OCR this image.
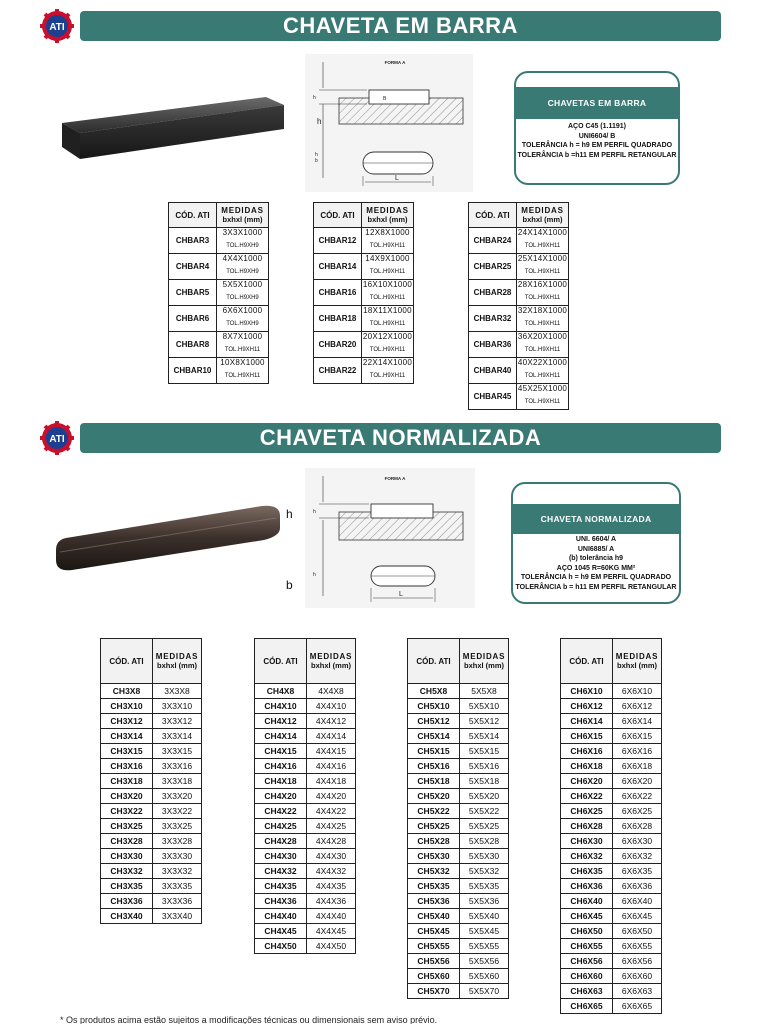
ATI	CHAVETA EM BARRA
FORMA A
B
h
h
b
h
L
CHAVETAS EM BARRA
AÇO C45 (1.1191)
UNI6604/ B
TOLERÂNCIA h = h9 EM PERFIL QUADRADO
TOLERÂNCIA b =h11 EM PERFIL RETANGULAR
CÓD. ATI	MEDIDAS
bxhxl (mm)

CHBAR3	3X3X1000
TOL.H9XH9

CHBAR4	4X4X1000
TOL.H9XH9

CHBAR5	5X5X1000
TOL.H9XH9

CHBAR6	6X6X1000
TOL.H9XH9

CHBAR8	8X7X1000
TOL.H9XH11

CHBAR10	10X8X1000
TOL.H9XH11
CÓD. ATI	MEDIDAS
bxhxl (mm)

CHBAR12	12X8X1000
TOL.H9XH11

CHBAR14	14X9X1000
TOL.H9XH11

CHBAR16	16X10X1000
TOL.H9XH11

CHBAR18	18X11X1000
TOL.H9XH11

CHBAR20	20X12X1000
TOL.H9XH11

CHBAR22	22X14X1000
TOL.H9XH11
CÓD. ATI	MEDIDAS
bxhxl (mm)

CHBAR24	24X14X1000
TOL.H9XH11

CHBAR25	25X14X1000
TOL.H9XH11

CHBAR28	28X16X1000
TOL.H9XH11

CHBAR32	32X18X1000
TOL.H9XH11

CHBAR36	36X20X1000
TOL.H9XH11

CHBAR40	40X22X1000
TOL.H9XH11

CHBAR45	45X25X1000
TOL.H9XH11
ATI	CHAVETA NORMALIZADA
h
b
FORMA A
h
h
L
CHAVETA NORMALIZADA
UNI. 6604/ A
UNI6885/ A
(b) tolerância h9
AÇO 1045 R=60KG MM²
TOLERÂNCIA h = h9 EM PERFIL QUADRADO
TOLERÂNCIA b = h11 EM PERFIL RETANGULAR
CÓD. ATI	MEDIDAS
bxhxl (mm)

CH3X8	3X3X8
CH3X10	3X3X10
CH3X12	3X3X12
CH3X14	3X3X14
CH3X15	3X3X15
CH3X16	3X3X16
CH3X18	3X3X18
CH3X20	3X3X20
CH3X22	3X3X22
CH3X25	3X3X25
CH3X28	3X3X28
CH3X30	3X3X30
CH3X32	3X3X32
CH3X35	3X3X35
CH3X36	3X3X36
CH3X40	3X3X40
CÓD. ATI	MEDIDAS
bxhxl (mm)

CH4X8	4X4X8
CH4X10	4X4X10
CH4X12	4X4X12
CH4X14	4X4X14
CH4X15	4X4X15
CH4X16	4X4X16
CH4X18	4X4X18
CH4X20	4X4X20
CH4X22	4X4X22
CH4X25	4X4X25
CH4X28	4X4X28
CH4X30	4X4X30
CH4X32	4X4X32
CH4X35	4X4X35
CH4X36	4X4X36
CH4X40	4X4X40
CH4X45	4X4X45
CH4X50	4X4X50
CÓD. ATI	MEDIDAS
bxhxl (mm)

CH5X8	5X5X8
CH5X10	5X5X10
CH5X12	5X5X12
CH5X14	5X5X14
CH5X15	5X5X15
CH5X16	5X5X16
CH5X18	5X5X18
CH5X20	5X5X20
CH5X22	5X5X22
CH5X25	5X5X25
CH5X28	5X5X28
CH5X30	5X5X30
CH5X32	5X5X32
CH5X35	5X5X35
CH5X36	5X5X36
CH5X40	5X5X40
CH5X45	5X5X45
CH5X55	5X5X55
CH5X56	5X5X56
CH5X60	5X5X60
CH5X70	5X5X70
CÓD. ATI	MEDIDAS
bxhxl (mm)

CH6X10	6X6X10
CH6X12	6X6X12
CH6X14	6X6X14
CH6X15	6X6X15
CH6X16	6X6X16
CH6X18	6X6X18
CH6X20	6X6X20
CH6X22	6X6X22
CH6X25	6X6X25
CH6X28	6X6X28
CH6X30	6X6X30
CH6X32	6X6X32
CH6X35	6X6X35
CH6X36	6X6X36
CH6X40	6X6X40
CH6X45	6X6X45
CH6X50	6X6X50
CH6X55	6X6X55
CH6X56	6X6X56
CH6X60	6X6X60
CH6X63	6X6X63
CH6X65	6X6X65
* Os produtos acima estão sujeitos a modificações técnicas ou dimensionais sem aviso prévio.
